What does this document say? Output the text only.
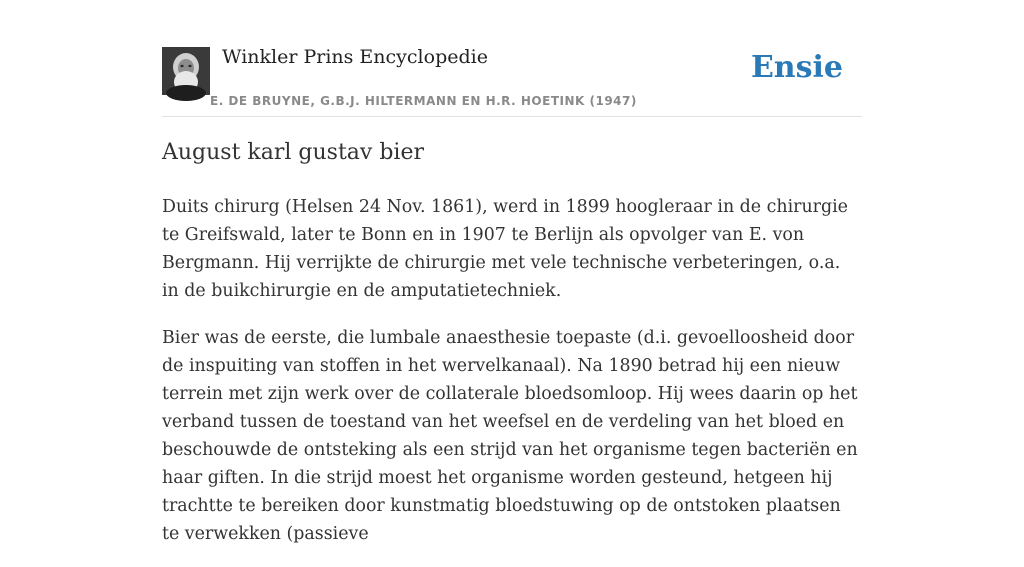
Winkler Prins Encyclopedie	Ensie
E. DE BRUYNE, G.B.J. HILTERMANN EN H.R. HOETINK (1947)
August karl gustav bier

Duits chirurg (Helsen 24 Nov. 1861), werd in 1899 hoogleraar in de chirurgie te Greifswald, later te Bonn en in 1907 te Berlijn als opvolger van E. von Bergmann. Hij verrijkte de chirurgie met vele technische verbeteringen, o.a. in de buikchirurgie en de amputatietechniek.

Bier was de eerste, die lumbale anaesthesie toepaste (d.i. gevoelloosheid door de inspuiting van stoffen in het wervelkanaal). Na 1890 betrad hij een nieuw terrein met zijn werk over de collaterale bloedsomloop. Hij wees daarin op het verband tussen de toestand van het weefsel en de verdeling van het bloed en beschouwde de ontsteking als een strijd van het organisme tegen bacteriën en haar giften. In die strijd moest het organisme worden gesteund, hetgeen hij trachtte te bereiken door kunstmatig bloedstuwing op de ontstoken plaatsen te verwekken (passieve
